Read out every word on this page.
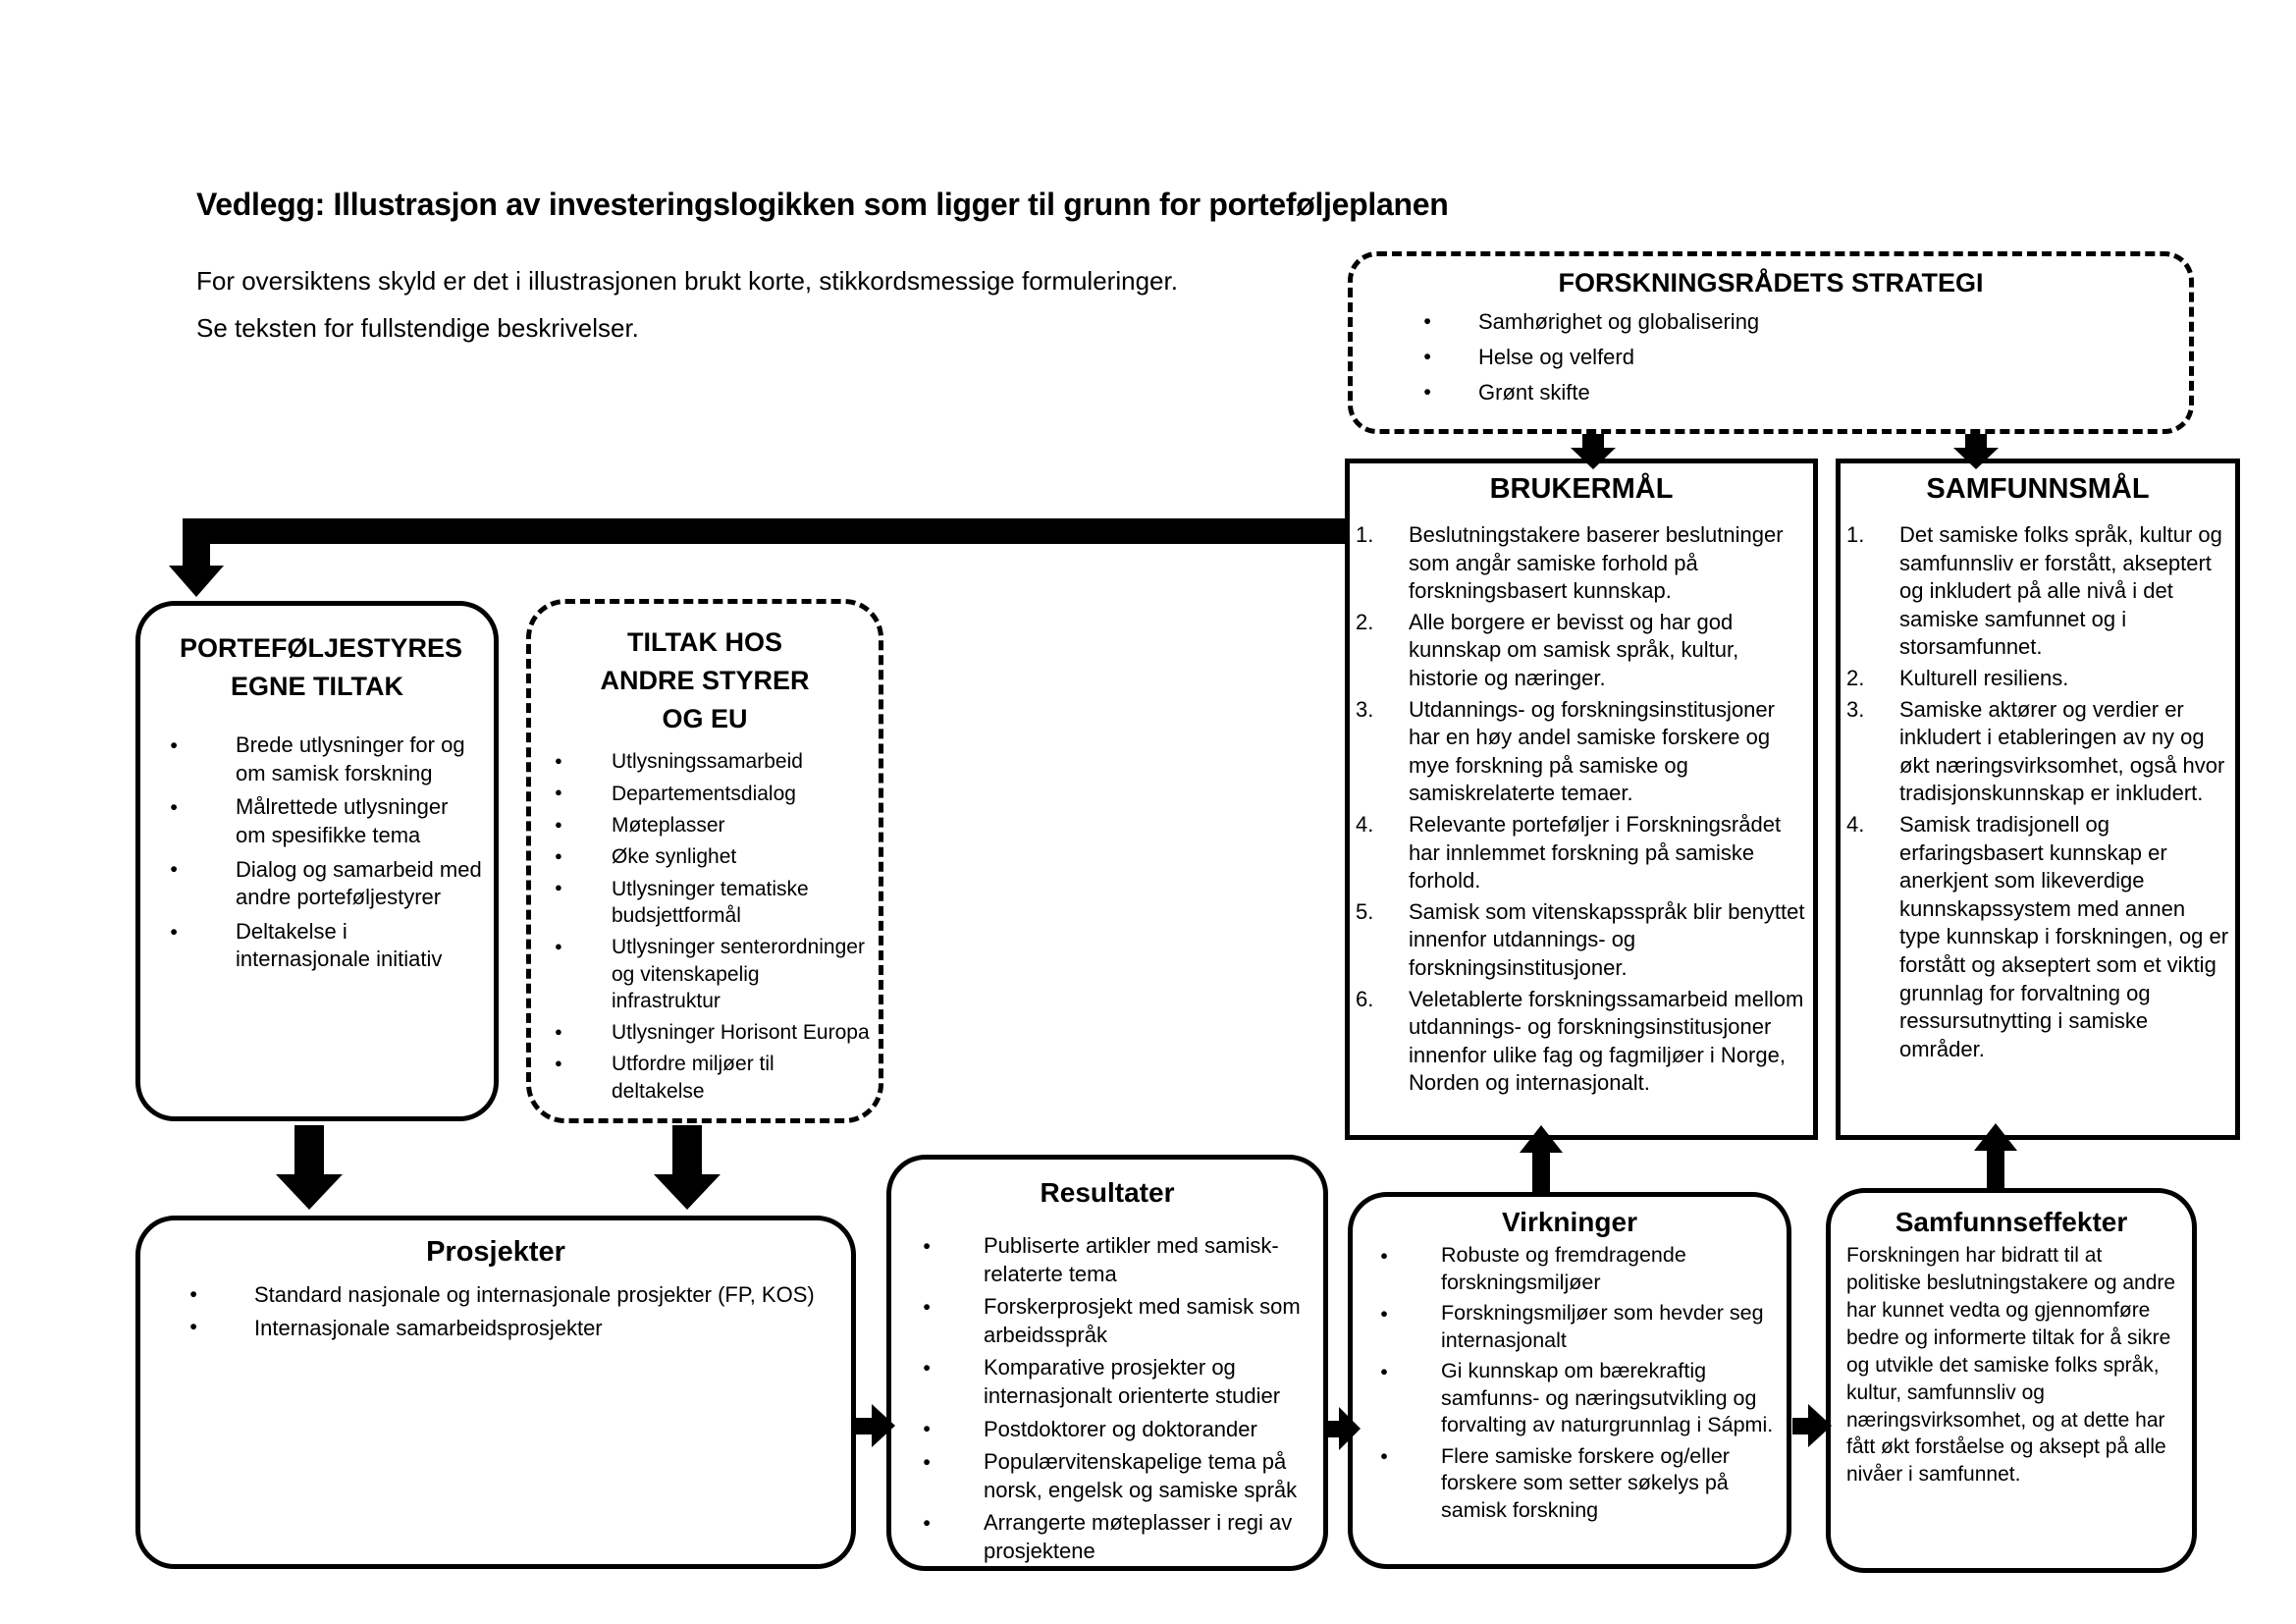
Vedlegg: Illustrasjon av investeringslogikken som ligger til grunn for porteføljeplanen
For oversiktens skyld er det i illustrasjonen brukt korte, stikkordsmessige formuleringer.
Se teksten for fullstendige beskrivelser.
FORSKNINGSRÅDETS STRATEGI
● Samhørighet og globalisering
● Helse og velferd
● Grønt skifte
BRUKERMÅL
Beslutningstakere baserer beslutninger som angår samiske forhold på forskningsbasert kunnskap.
Alle borgere er bevisst og har god kunnskap om samisk språk, kultur, historie og næringer.
Utdannings- og forskningsinstitusjoner har en høy andel samiske forskere og mye forskning på samiske og samiskrelaterte temaer.
Relevante porteføljer i Forskningsrådet har innlemmet forskning på samiske forhold.
Samisk som vitenskapsspråk blir benyttet innenfor utdannings- og forskningsinstitusjoner.
Veletablerte forskningssamarbeid mellom utdannings- og forskningsinstitusjoner innenfor ulike fag og fagmiljøer i Norge, Norden og internasjonalt.
SAMFUNNSMÅL
Det samiske folks språk, kultur og samfunnsliv er forstått, akseptert og inkludert på alle nivå i det samiske samfunnet og i storsamfunnet.
Kulturell resiliens.
Samiske aktører og verdier er inkludert i etableringen av ny og økt næringsvirksomhet, også hvor tradisjonskunnskap er inkludert.
Samisk tradisjonell og erfaringsbasert kunnskap er anerkjent som likeverdige kunnskapssystem med annen type kunnskap i forskningen, og er forstått og akseptert som et viktig grunnlag for forvaltning og ressursutnytting i samiske områder.
PORTEFØLJESTYRES EGNE TILTAK
● Brede utlysninger for og om samisk forskning
● Målrettede utlysninger om spesifikke tema
● Dialog og samarbeid med andre porteføljestyrer
● Deltakelse i internasjonale initiativ
TILTAK HOS ANDRE STYRER OG EU
● Utlysningssamarbeid
● Departementsdialog
● Møteplasser
● Øke synlighet
● Utlysninger tematiske budsjettformål
● Utlysninger senterordninger og vitenskapelig infrastruktur
● Utlysninger Horisont Europa
● Utfordre miljøer til deltakelse
Prosjekter
● Standard nasjonale og internasjonale prosjekter (FP, KOS)
● Internasjonale samarbeidsprosjekter
Resultater
● Publiserte artikler med samisk-relaterte tema
● Forskerprosjekt med samisk som arbeidsspråk
● Komparative prosjekter og internasjonalt orienterte studier
● Postdoktorer og doktorander
● Populærvitenskapelige tema på norsk, engelsk og samiske språk
● Arrangerte møteplasser i regi av prosjektene
Virkninger
● Robuste og fremdragende forskningsmiljøer
● Forskningsmiljøer som hevder seg internasjonalt
● Gi kunnskap om bærekraftig samfunns- og næringsutvikling og forvalting av naturgrunnlag i Sápmi.
● Flere samiske forskere og/eller forskere som setter søkelys på samisk forskning
Samfunnseffekter
Forskningen har bidratt til at politiske beslutningstakere og andre har kunnet vedta og gjennomføre bedre og informerte tiltak for å sikre og utvikle det samiske folks språk, kultur, samfunnsliv og næringsvirksomhet, og at dette har fått økt forståelse og aksept på alle nivåer i samfunnet.
